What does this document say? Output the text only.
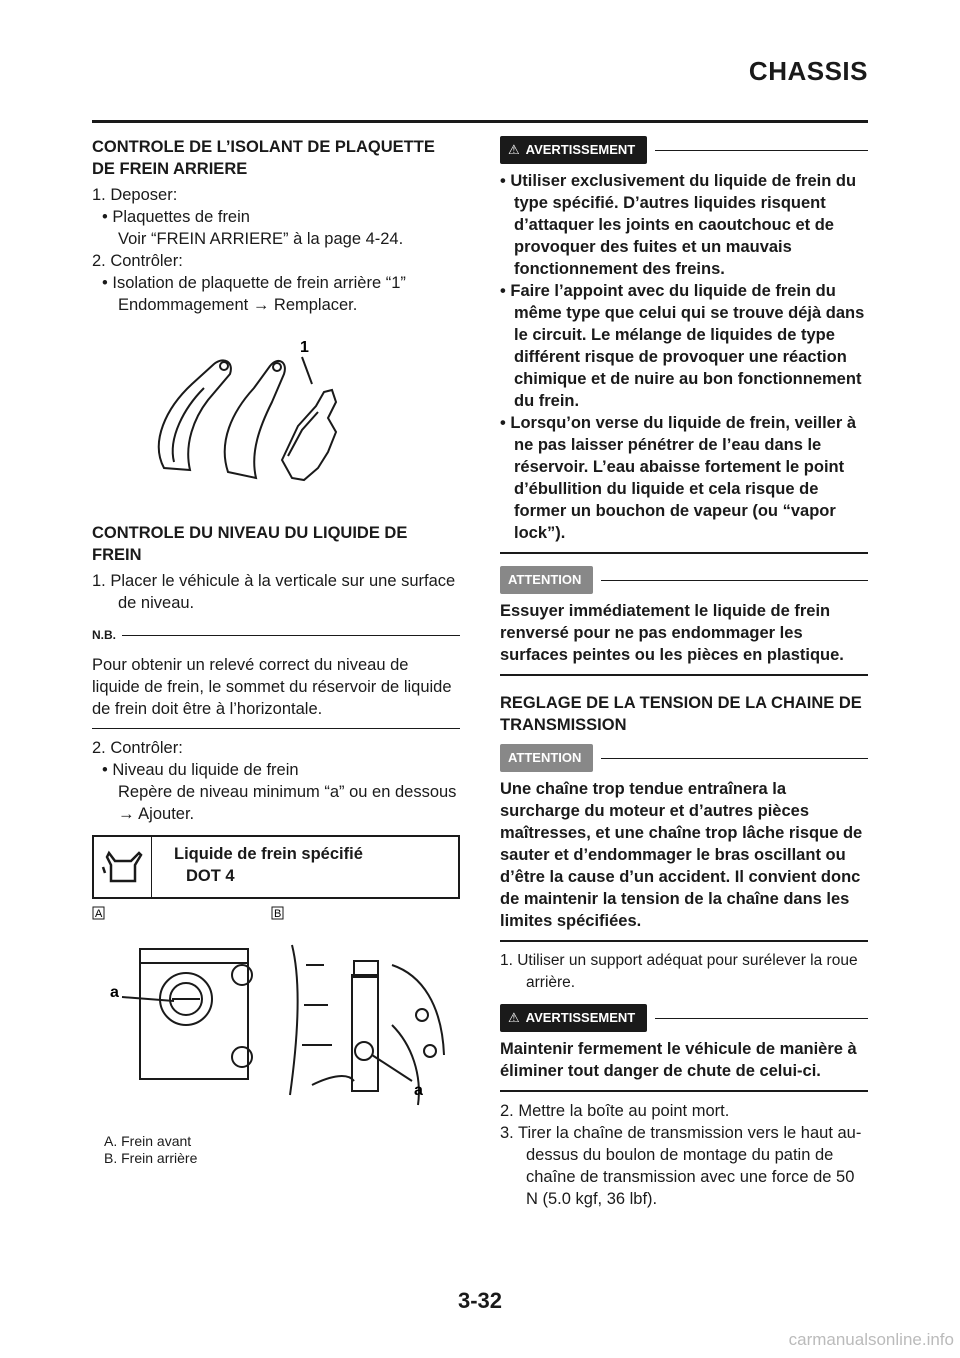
CHASSIS
CONTROLE DE L’ISOLANT DE PLAQUETTE DE FREIN ARRIERE
1. Deposer:
• Plaquettes de frein
Voir “FREIN ARRIERE” à la page 4-24.
2. Contrôler:
• Isolation de plaquette de frein arrière “1”
Endommagement → Remplacer.
1
CONTROLE DU NIVEAU DU LIQUIDE DE FREIN
1. Placer le véhicule à la verticale sur une surface de niveau.
N.B.
Pour obtenir un relevé correct du niveau de liquide de frein, le sommet du réservoir de liquide de frein doit être à l’horizontale.
2. Contrôler:
• Niveau du liquide de frein
Repère de niveau minimum “a” ou en dessous → Ajouter.
Liquide de frein spécifié
DOT 4
A	B
a
a
A. Frein avant
B. Frein arrière
⚠ AVERTISSEMENT
• Utiliser exclusivement du liquide de frein du type spécifié. D’autres liquides risquent d’attaquer les joints en caoutchouc et de provoquer des fuites et un mauvais fonctionnement des freins.
• Faire l’appoint avec du liquide de frein du même type que celui qui se trouve déjà dans le circuit. Le mélange de liquides de type différent risque de provoquer une réaction chimique et de nuire au bon fonctionnement du frein.
• Lorsqu’on verse du liquide de frein, veiller à ne pas laisser pénétrer de l’eau dans le réservoir. L’eau abaisse fortement le point d’ébullition du liquide et cela risque de former un bouchon de vapeur (ou “vapor lock”).
ATTENTION
Essuyer immédiatement le liquide de frein renversé pour ne pas endommager les surfaces peintes ou les pièces en plastique.
REGLAGE DE LA TENSION DE LA CHAINE DE TRANSMISSION
ATTENTION
Une chaîne trop tendue entraînera la surcharge du moteur et d’autres pièces maîtresses, et une chaîne trop lâche risque de sauter et d’endommager le bras oscillant ou d’être la cause d’un accident. Il convient donc de maintenir la tension de la chaîne dans les limites spécifiées.
1. Utiliser un support adéquat pour surélever la roue arrière.
⚠ AVERTISSEMENT
Maintenir fermement le véhicule de manière à éliminer tout danger de chute de celui-ci.
2. Mettre la boîte au point mort.
3. Tirer la chaîne de transmission vers le haut au-dessus du boulon de montage du patin de chaîne de transmission avec une force de 50 N (5.0 kgf, 36 lbf).
3-32
carmanualsonline.info
